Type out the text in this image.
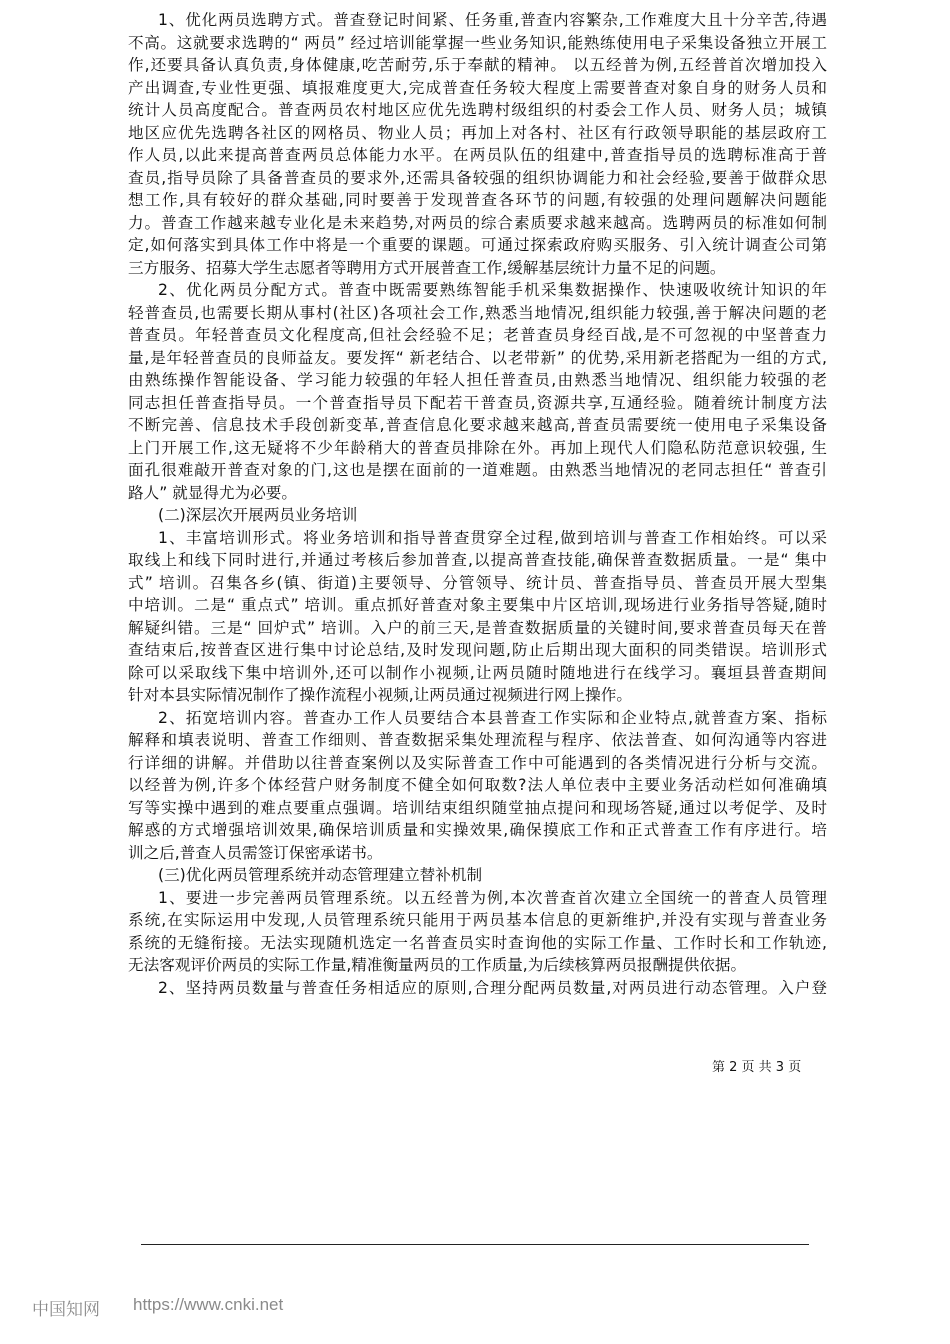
1、优化两员选聘方式。普查登记时间紧、任务重,普查内容繁杂,工作难度大且十分辛苦,待遇
不高。这就要求选聘的“ 两员” 经过培训能掌握一些业务知识,能熟练使用电子采集设备独立开展工
作,还要具备认真负责,身体健康,吃苦耐劳,乐于奉献的精神。 以五经普为例,五经普首次增加投入
产出调查,专业性更强、填报难度更大,完成普查任务较大程度上需要普查对象自身的财务人员和
统计人员高度配合。普查两员农村地区应优先选聘村级组织的村委会工作人员、财务人员；城镇
地区应优先选聘各社区的网格员、物业人员；再加上对各村、社区有行政领导职能的基层政府工
作人员,以此来提高普查两员总体能力水平。在两员队伍的组建中,普查指导员的选聘标准高于普
查员,指导员除了具备普查员的要求外,还需具备较强的组织协调能力和社会经验,要善于做群众思
想工作,具有较好的群众基础,同时要善于发现普查各环节的问题,有较强的处理问题解决问题能
力。普查工作越来越专业化是未来趋势,对两员的综合素质要求越来越高。选聘两员的标准如何制
定,如何落实到具体工作中将是一个重要的课题。可通过探索政府购买服务、引入统计调查公司第
三方服务、招募大学生志愿者等聘用方式开展普查工作,缓解基层统计力量不足的问题。
2、优化两员分配方式。普查中既需要熟练智能手机采集数据操作、快速吸收统计知识的年
轻普查员,也需要长期从事村(社区)各项社会工作,熟悉当地情况,组织能力较强,善于解决问题的老
普查员。年轻普查员文化程度高,但社会经验不足；老普查员身经百战,是不可忽视的中坚普查力
量,是年轻普查员的良师益友。要发挥“ 新老结合、以老带新” 的优势,采用新老搭配为一组的方式,
由熟练操作智能设备、学习能力较强的年轻人担任普查员,由熟悉当地情况、组织能力较强的老
同志担任普查指导员。一个普查指导员下配若干普查员,资源共享,互通经验。随着统计制度方法
不断完善、信息技术手段创新变革,普查信息化要求越来越高,普查员需要统一使用电子采集设备
上门开展工作,这无疑将不少年龄稍大的普查员排除在外。再加上现代人们隐私防范意识较强, 生
面孔很难敲开普查对象的门,这也是摆在面前的一道难题。由熟悉当地情况的老同志担任“ 普查引
路人” 就显得尤为必要。
(二)深层次开展两员业务培训
1、丰富培训形式。将业务培训和指导普查贯穿全过程,做到培训与普查工作相始终。可以采
取线上和线下同时进行,并通过考核后参加普查,以提高普查技能,确保普查数据质量。一是“ 集中
式” 培训。召集各乡(镇、街道)主要领导、分管领导、统计员、普查指导员、普查员开展大型集
中培训。二是“ 重点式” 培训。重点抓好普查对象主要集中片区培训,现场进行业务指导答疑,随时
解疑纠错。三是“ 回炉式” 培训。入户的前三天,是普查数据质量的关键时间,要求普查员每天在普
查结束后,按普查区进行集中讨论总结,及时发现问题,防止后期出现大面积的同类错误。培训形式
除可以采取线下集中培训外,还可以制作小视频,让两员随时随地进行在线学习。襄垣县普查期间
针对本县实际情况制作了操作流程小视频,让两员通过视频进行网上操作。
2、拓宽培训内容。普查办工作人员要结合本县普查工作实际和企业特点,就普查方案、指标
解释和填表说明、普查工作细则、普查数据采集处理流程与程序、依法普查、如何沟通等内容进
行详细的讲解。并借助以往普查案例以及实际普查工作中可能遇到的各类情况进行分析与交流。
以经普为例,许多个体经营户财务制度不健全如何取数?法人单位表中主要业务活动栏如何准确填
写等实操中遇到的难点要重点强调。培训结束组织随堂抽点提问和现场答疑,通过以考促学、及时
解惑的方式增强培训效果,确保培训质量和实操效果,确保摸底工作和正式普查工作有序进行。培
训之后,普查人员需签订保密承诺书。
(三)优化两员管理系统并动态管理建立替补机制
1、要进一步完善两员管理系统。以五经普为例,本次普查首次建立全国统一的普查人员管理
系统,在实际运用中发现,人员管理系统只能用于两员基本信息的更新维护,并没有实现与普查业务
系统的无缝衔接。无法实现随机选定一名普查员实时查询他的实际工作量、工作时长和工作轨迹,
无法客观评价两员的实际工作量,精准衡量两员的工作质量,为后续核算两员报酬提供依据。
2、坚持两员数量与普查任务相适应的原则,合理分配两员数量,对两员进行动态管理。入户登
第 2 页 共 3 页
中国知网 https://www.cnki.net
